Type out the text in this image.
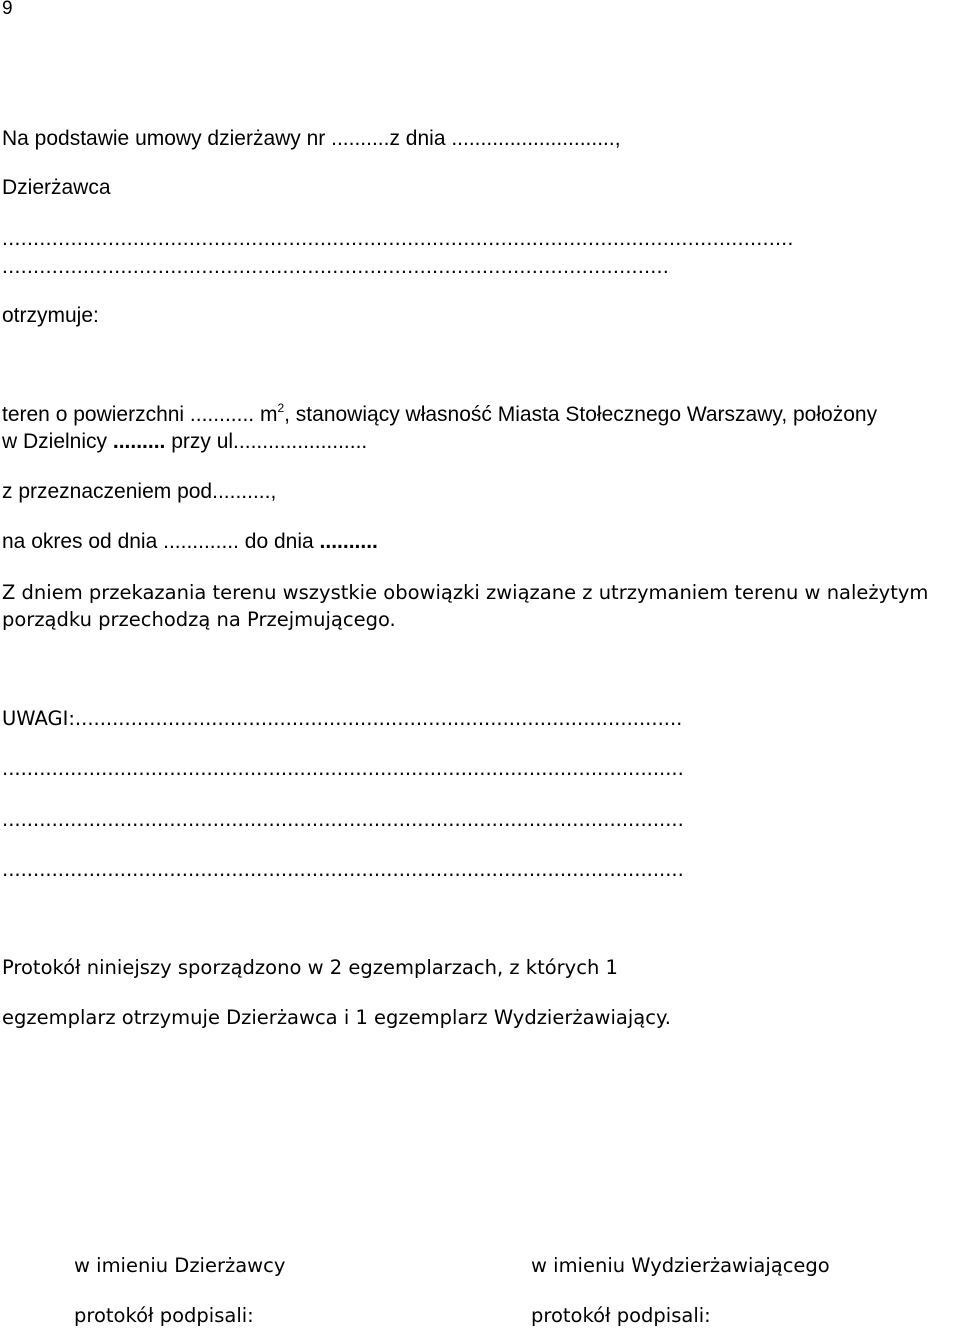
9
Na podstawie umowy dzierżawy nr ..........z dnia ............................,
Dzierżawca
...............................................................................................................................
...........................................................................................................
otrzymuje:
teren o powierzchni ........... $m^2$, stanowiący własność Miasta Stołecznego Warszawy, położony
w Dzielnicy ......... przy ul.......................
z przeznaczeniem pod..........,
na okres od dnia ............. do dnia ..........
Z dniem przekazania terenu wszystkie obowiązki związane z utrzymaniem terenu w należytym
porządku przechodzą na Przejmującego.
UWAGI:..................................................................................................
..............................................................................................................
..............................................................................................................
..............................................................................................................
Protokół niniejszy sporządzono w 2 egzemplarzach, z których 1
egzemplarz otrzymuje Dzierżawca i 1 egzemplarz Wydzierżawiający.
w imieniu Dzierżawcy
protokół podpisali:
w imieniu Wydzierżawiającego
protokół podpisali:
